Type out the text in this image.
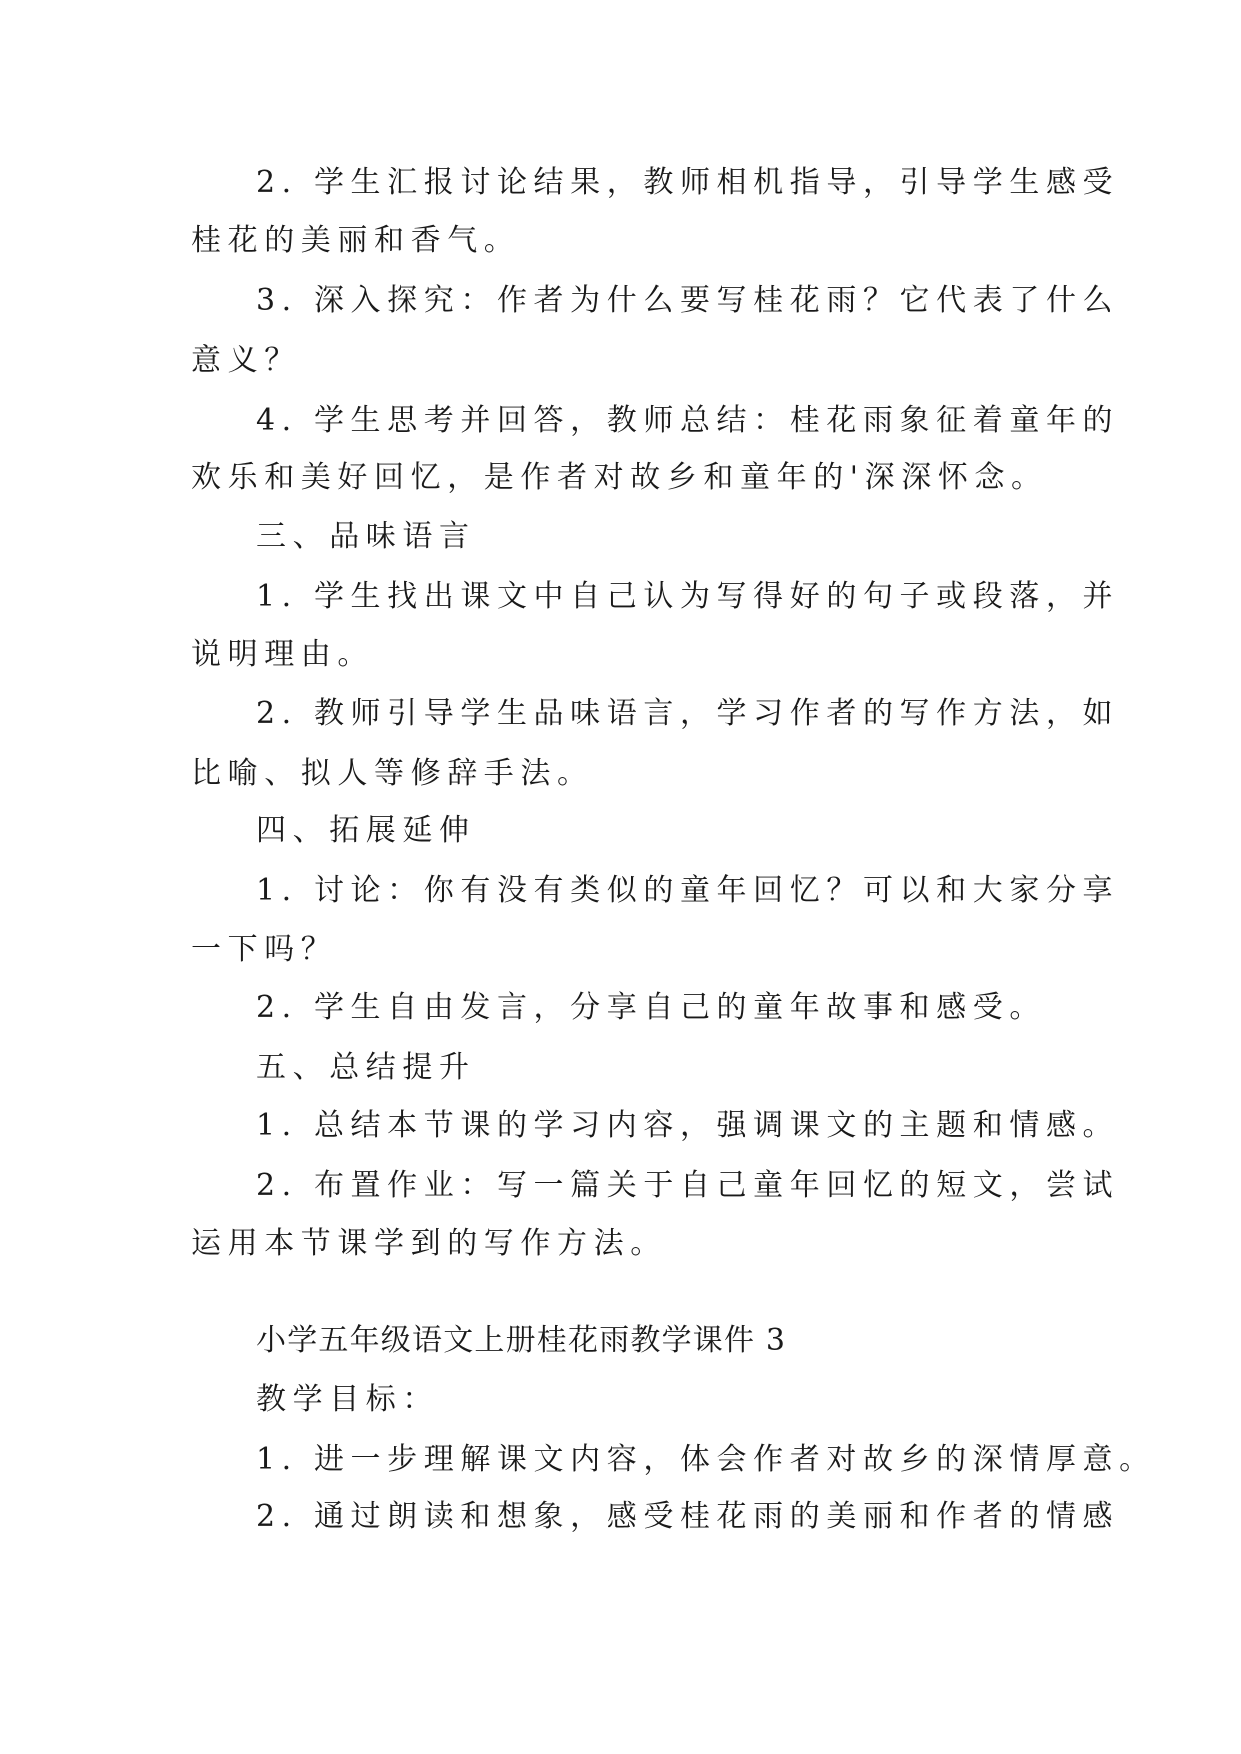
2. 学生汇报讨论结果，教师相机指导，引导学生感受
桂花的美丽和香气。
3. 深入探究：作者为什么要写桂花雨？它代表了什么
意义？
4. 学生思考并回答，教师总结：桂花雨象征着童年的
欢乐和美好回忆，是作者对故乡和童年的'深深怀念。
三、品味语言
1. 学生找出课文中自己认为写得好的句子或段落，并
说明理由。
2. 教师引导学生品味语言，学习作者的写作方法，如
比喻、拟人等修辞手法。
四、拓展延伸
1. 讨论：你有没有类似的童年回忆？可以和大家分享
一下吗？
2. 学生自由发言，分享自己的童年故事和感受。
五、总结提升
1. 总结本节课的学习内容，强调课文的主题和情感。
2. 布置作业：写一篇关于自己童年回忆的短文，尝试
运用本节课学到的写作方法。
小学五年级语文上册桂花雨教学课件 3
教学目标：
1. 进一步理解课文内容，体会作者对故乡的深情厚意。
2. 通过朗读和想象，感受桂花雨的美丽和作者的情感
